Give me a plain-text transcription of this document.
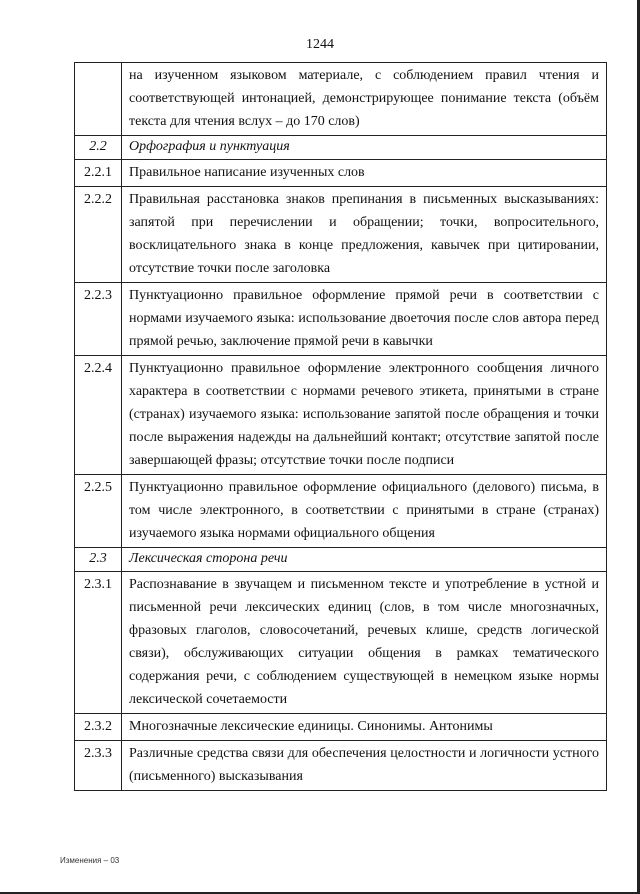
1244
	на изученном языковом материале, с соблюдением правил чтения и соответствующей интонацией, демонстрирующее понимание текста (объём текста для чтения вслух – до 170 слов)
2.2	Орфография и пунктуация
2.2.1	Правильное написание изученных слов
2.2.2	Правильная расстановка знаков препинания в письменных высказываниях: запятой при перечислении и обращении; точки, вопросительного, восклицательного знака в конце предложения, кавычек при цитировании, отсутствие точки после заголовка
2.2.3	Пунктуационно правильное оформление прямой речи в соответствии с нормами изучаемого языка: использование двоеточия после слов автора перед прямой речью, заключение прямой речи в кавычки
2.2.4	Пунктуационно правильное оформление электронного сообщения личного характера в соответствии с нормами речевого этикета, принятыми в стране (странах) изучаемого языка: использование запятой после обращения и точки после выражения надежды на дальнейший контакт; отсутствие запятой после завершающей фразы; отсутствие точки после подписи
2.2.5	Пунктуационно правильное оформление официального (делового) письма, в том числе электронного, в соответствии с принятыми в стране (странах) изучаемого языка нормами официального общения
2.3	Лексическая сторона речи
2.3.1	Распознавание в звучащем и письменном тексте и употребление в устной и письменной речи лексических единиц (слов, в том числе многозначных, фразовых глаголов, словосочетаний, речевых клише, средств логической связи), обслуживающих ситуации общения в рамках тематического содержания речи, с соблюдением существующей в немецком языке нормы лексической сочетаемости
2.3.2	Многозначные лексические единицы. Синонимы. Антонимы
2.3.3	Различные средства связи для обеспечения целостности и логичности устного (письменного) высказывания
Изменения – 03
